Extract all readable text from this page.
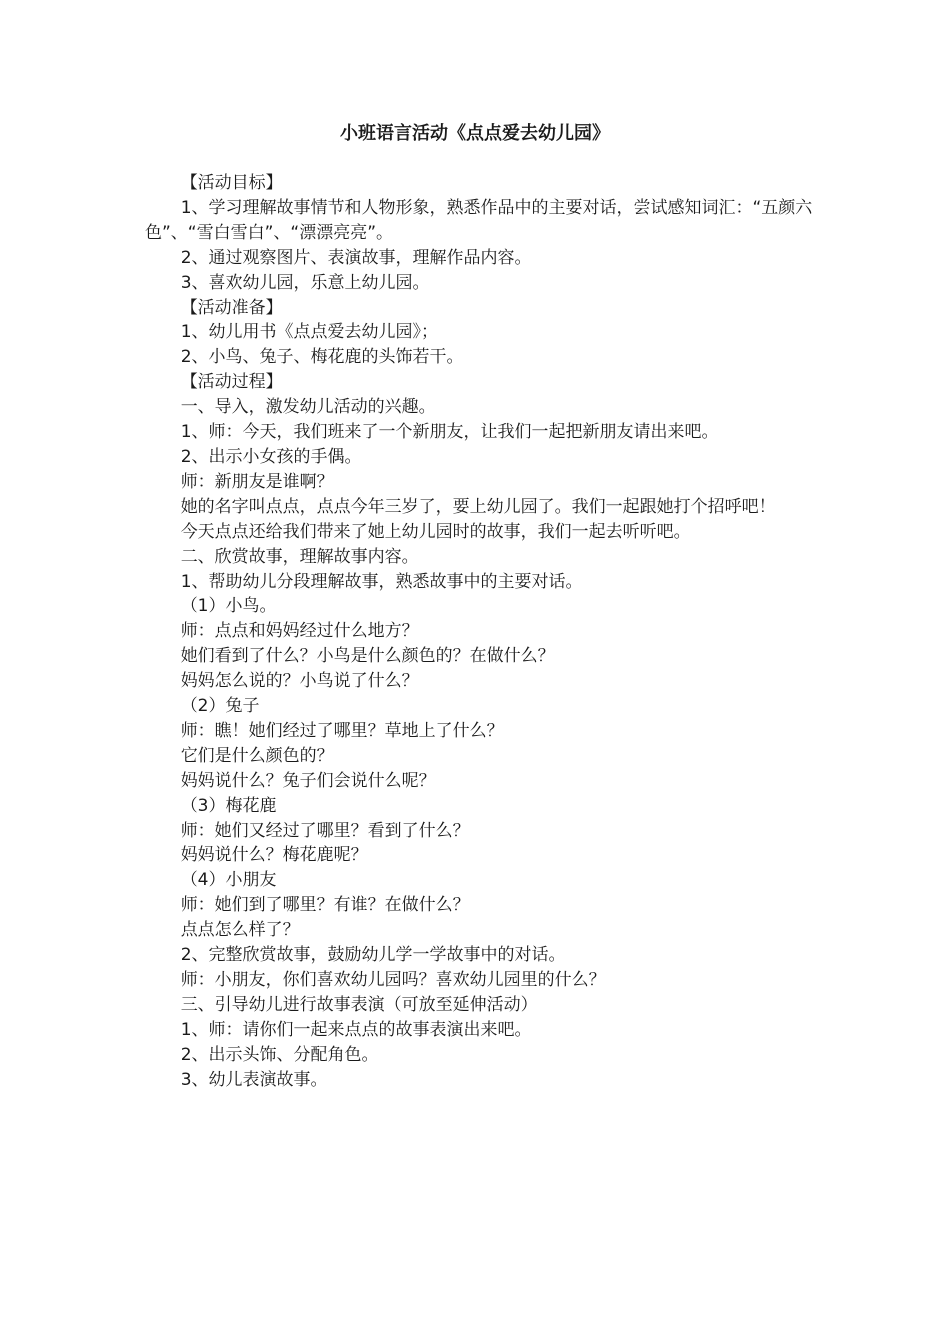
小班语言活动《点点爱去幼儿园》

【活动目标】

1、学习理解故事情节和人物形象，熟悉作品中的主要对话，尝试感知词汇：“五颜六色”、“雪白雪白”、“漂漂亮亮”。

2、通过观察图片、表演故事，理解作品内容。

3、喜欢幼儿园，乐意上幼儿园。

【活动准备】

1、幼儿用书《点点爱去幼儿园》；

2、小鸟、兔子、梅花鹿的头饰若干。

【活动过程】

一、导入，激发幼儿活动的兴趣。

1、师：今天，我们班来了一个新朋友，让我们一起把新朋友请出来吧。

2、出示小女孩的手偶。

师：新朋友是谁啊？

她的名字叫点点，点点今年三岁了，要上幼儿园了。我们一起跟她打个招呼吧！

今天点点还给我们带来了她上幼儿园时的故事，我们一起去听听吧。

二、欣赏故事，理解故事内容。

1、帮助幼儿分段理解故事，熟悉故事中的主要对话。

（1）小鸟。

师：点点和妈妈经过什么地方？

她们看到了什么？小鸟是什么颜色的？在做什么？

妈妈怎么说的？小鸟说了什么？

（2）兔子

师：瞧！她们经过了哪里？草地上了什么？

它们是什么颜色的？

妈妈说什么？兔子们会说什么呢？

（3）梅花鹿

师：她们又经过了哪里？看到了什么？

妈妈说什么？梅花鹿呢？

（4）小朋友

师：她们到了哪里？有谁？在做什么？

点点怎么样了？

2、完整欣赏故事，鼓励幼儿学一学故事中的对话。

师：小朋友，你们喜欢幼儿园吗？喜欢幼儿园里的什么？

三、引导幼儿进行故事表演（可放至延伸活动）

1、师：请你们一起来点点的故事表演出来吧。

2、出示头饰、分配角色。

3、幼儿表演故事。
